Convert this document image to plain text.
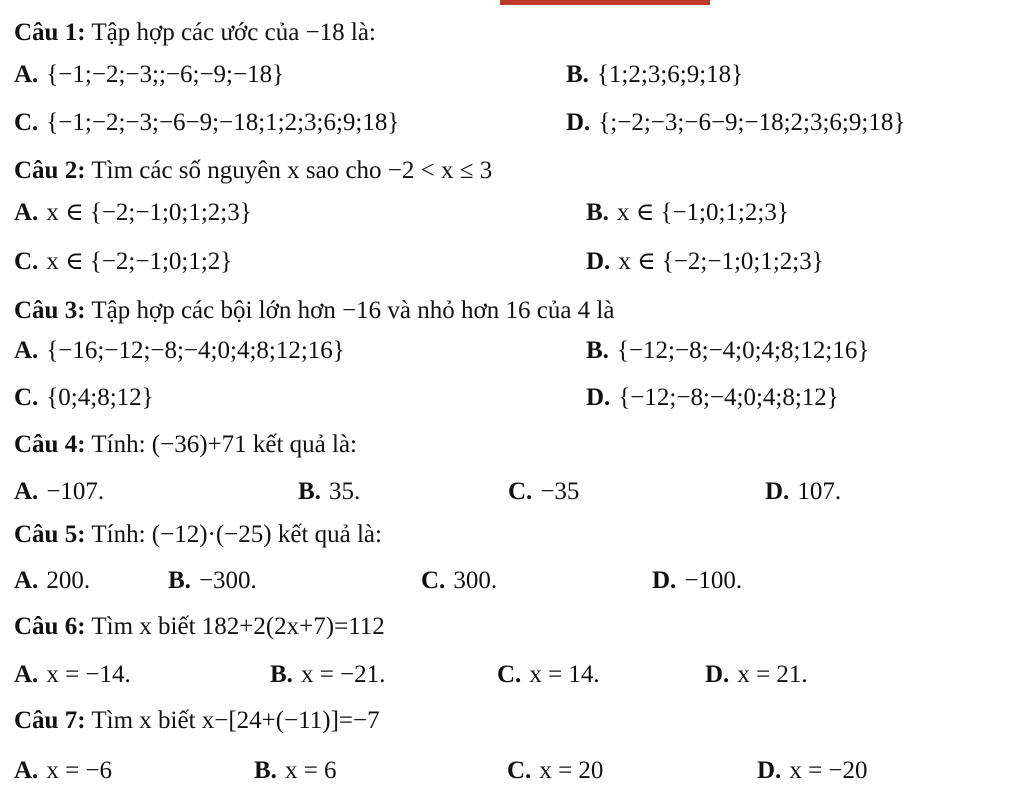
Câu 1: Tập hợp các ước của −18 là:
A. {−1;−2;−3;;−6;−9;−18}	B. {1;2;3;6;9;18}
C. {−1;−2;−3;−6−9;−18;1;2;3;6;9;18}	D. {;−2;−3;−6−9;−18;2;3;6;9;18}
Câu 2: Tìm các số nguyên x sao cho −2 < x ≤ 3
A. x ∈ {−2;−1;0;1;2;3}	B. x ∈ {−1;0;1;2;3}
C. x ∈ {−2;−1;0;1;2}	D. x ∈ {−2;−1;0;1;2;3}
Câu 3: Tập hợp các bội lớn hơn −16 và nhỏ hơn 16 của 4 là
A. {−16;−12;−8;−4;0;4;8;12;16}	B. {−12;−8;−4;0;4;8;12;16}
C. {0;4;8;12}	D. {−12;−8;−4;0;4;8;12}
Câu 4: Tính: (−36)+71 kết quả là:
A. −107.	B. 35.	C. −35	D. 107.
Câu 5: Tính: (−12)·(−25) kết quả là:
A. 200.	B. −300.	C. 300.	D. −100.
Câu 6: Tìm x biết 182+2(2x+7)=112
A. x = −14.	B. x = −21.	C. x = 14.	D. x = 21.
Câu 7: Tìm x biết x−[24+(−11)]=−7
A. x = −6	B. x = 6	C. x = 20	D. x = −20
